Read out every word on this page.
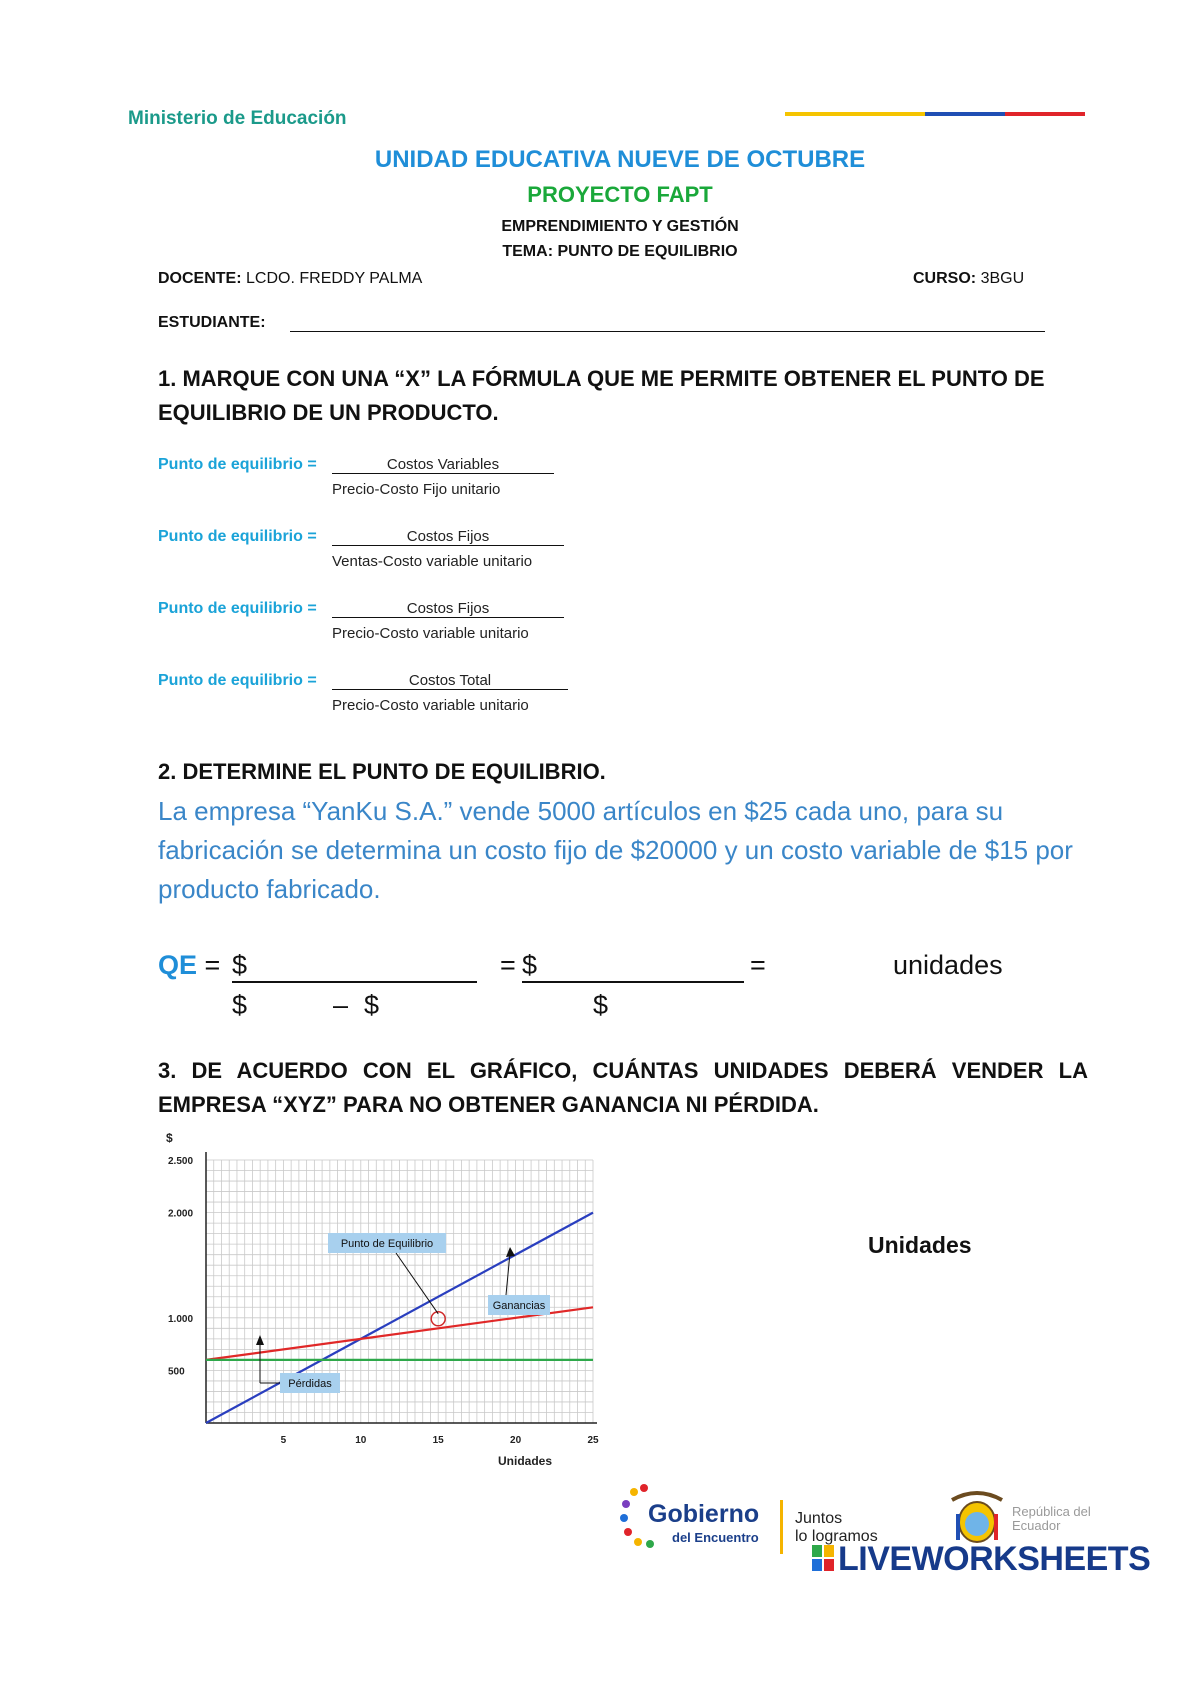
Ministerio de Educación
UNIDAD EDUCATIVA NUEVE DE OCTUBRE
PROYECTO FAPT
EMPRENDIMIENTO Y GESTIÓN
TEMA: PUNTO DE EQUILIBRIO
DOCENTE: LCDO. FREDDY PALMA	CURSO: 3BGU
ESTUDIANTE:
1. MARQUE CON UNA “X” LA FÓRMULA QUE ME PERMITE OBTENER EL PUNTO DE EQUILIBRIO DE UN PRODUCTO.
Punto de equilibrio =	Costos Variables
Precio-Costo Fijo unitario
Punto de equilibrio =	Costos Fijos
Ventas-Costo variable unitario
Punto de equilibrio =	Costos Fijos
Precio-Costo variable unitario
Punto de equilibrio =	Costos Total
Precio-Costo variable unitario
2. DETERMINE EL PUNTO DE EQUILIBRIO.
La empresa “YanKu S.A.” vende 5000 artículos en $25 cada uno, para su fabricación se determina un costo fijo de $20000 y un costo variable de $15 por producto fabricado.
QE = $
$	– $
= $
$
=	unidades
3. DE ACUERDO CON EL GRÁFICO, CUÁNTAS UNIDADES DEBERÁ VENDER LA EMPRESA “XYZ” PARA NO OBTENER GANANCIA NI PÉRDIDA.
$
500
1.000
2.000
2.500
5	10	15	20	25
Unidades
Punto de Equilibrio
Ganancias
Pérdidas
Unidades
Gobierno
del Encuentro
Juntos
lo logramos
República del Ecuador
LIVEWORKSHEETS
